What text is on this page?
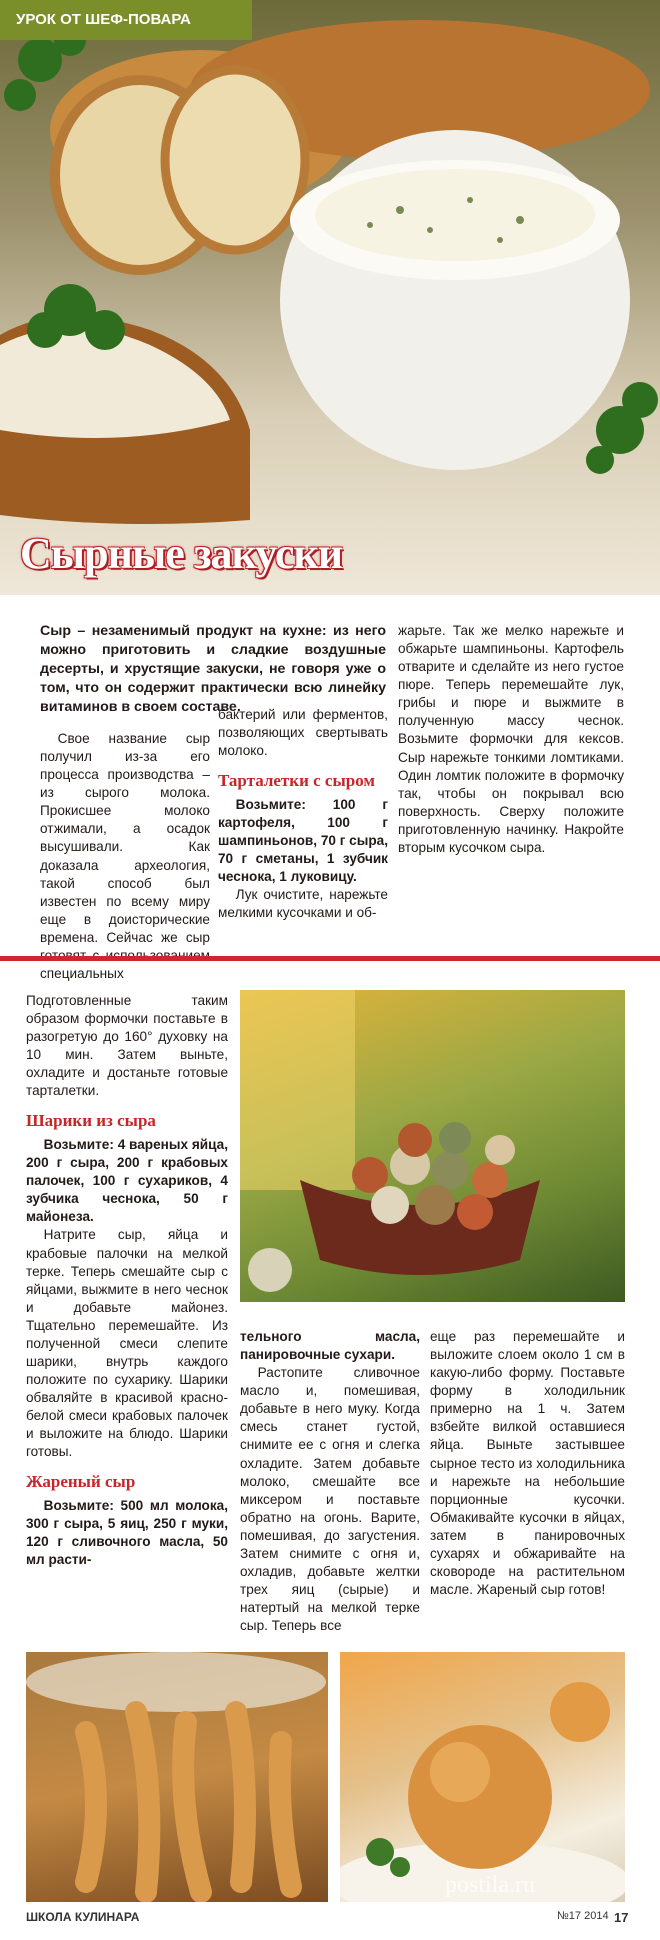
УРОК ОТ ШЕФ-ПОВАРА
Сырные закуски
Сыр – незаменимый продукт на кухне: из него можно приготовить и сладкие воздушные десерты, и хрустящие закуски, не говоря уже о том, что он содержит практически всю линейку витаминов в своем составе.

Свое название сыр получил из-за его процесса производства – из сырого молока. Прокисшее молоко отжимали, а осадок высушивали. Как доказала археология, такой способ был известен по всему миру еще в доисторические времена. Сейчас же сыр специальных

бактерий или ферментов, позволяющих свертывать молоко.

Тарталетки с сыром

Возьмите: 100 г картофеля, 100 г шампиньонов, 70 г сыра, 70 г сметаны, 1 зубчик чеснока, 1 луковицу.

Лук очистите, нарежьте мелкими кусочками и об-

жарьте. Так же мелко нарежьте и обжарьте шампиньоны. Картофель отварите и сделайте из него густое пюре. Теперь перемешайте лук, грибы и пюре и выжмите в полученную массу чеснок. Возьмите формочки для кексов. Сыр нарежьте тонкими ломтиками. Один ломтик положите в формочку так, чтобы он покрывал всю поверхность. Сверху положите приготовленную начинку. Накройте вторым кусочком сыра.

Подготовленные таким образом формочки поставьте в разогретую до 160° духовку на 10 мин. Затем выньте, охладите и достаньте готовые тарталетки.

Шарики из сыра

Возьмите: 4 вареных яйца, 200 г сыра, 200 г крабовых палочек, 100 г сухариков, 4 зубчика чеснока, 50 г майонеза.

Натрите сыр, яйца и крабовые палочки на мелкой терке. Теперь смешайте сыр с яйцами, выжмите в него чеснок и добавьте майонез. Тщательно перемешайте. Из полученной смеси слепите шарики, внутрь каждого положите по сухарику. Шарики обваляйте в красивой красно-белой смеси крабовых палочек и выложите на блюдо. Шарики готовы.

Жареный сыр

Возьмите: 500 мл молока, 300 г сыра, 5 яиц, 250 г муки, 120 г сливочного масла, 50 мл расти-

тельного масла, панировочные сухари.

Растопите сливочное масло и, помешивая, добавьте в него муку. Когда смесь станет густой, снимите ее с огня и слегка охладите. Затем добавьте молоко, смешайте все миксером и поставьте обратно на огонь. Варите, помешивая, до загустения. Затем снимите с огня и, охладив, добавьте желтки трех яиц (сырые) и натертый на мелкой терке сыр. Теперь все

еще раз перемешайте и выложите слоем около 1 см в какую-либо форму. Поставьте форму в холодильник примерно на 1 ч. Затем взбейте вилкой оставшиеся яйца. Выньте застывшее сырное тесто из холодильника и нарежьте на небольшие порционные кусочки. Обмакивайте кусочки в яйцах, затем в панировочных сухарях и обжаривайте на сковороде на растительном масле. Жареный сыр готов!

ШКОЛА КУЛИНАРА	№17 2014 17
postila.ru
